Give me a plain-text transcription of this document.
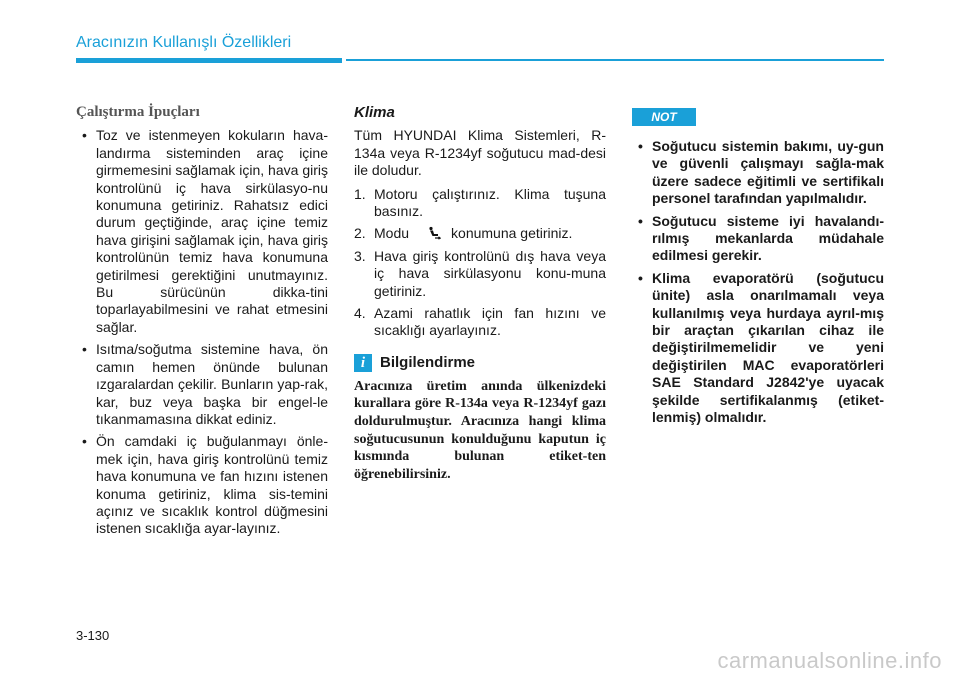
Aracınızın Kullanışlı Özellikleri
Çalıştırma İpuçları
• Toz ve istenmeyen kokuların hava-landırma sisteminden araç içine girmemesini sağlamak için, hava giriş kontrolünü iç hava sirkülasyo-nu konumuna getiriniz. Rahatsız edici durum geçtiğinde, araç içine temiz hava girişini sağlamak için, hava giriş kontrolünün temiz hava konumuna getirilmesi gerektiğini unutmayınız. Bu sürücünün dikka-tini toparlayabilmesini ve rahat etmesini sağlar.
• Isıtma/soğutma sistemine hava, ön camın hemen önünde bulunan ızgaralardan çekilir. Bunların yap-rak, kar, buz veya başka bir engel-le tıkanmamasına dikkat ediniz.
• Ön camdaki iç buğulanmayı önle-mek için, hava giriş kontrolünü temiz hava konumuna ve fan hızını istenen konuma getiriniz, klima sis-temini açınız ve sıcaklık kontrol düğmesini istenen sıcaklığa ayar-layınız.
Klima

Tüm HYUNDAI Klima Sistemleri, R-134a veya R-1234yf soğutucu mad-desi ile doludur.

1. Motoru çalıştırınız. Klima tuşuna basınız.
2. Modu	konumuna getiriniz.
3. Hava giriş kontrolünü dış hava veya iç hava sirkülasyonu konu-muna getiriniz.
4. Azami rahatlık için fan hızını ve sıcaklığı ayarlayınız.
i Bilgilendirme
Aracınıza üretim anında ülkenizdeki kurallara göre R-134a veya R-1234yf gazı doldurulmuştur. Aracınıza hangi klima soğutucusunun konulduğunu kaputun iç kısmında bulunan etiket-ten öğrenebilirsiniz.
NOT
• Soğutucu sistemin bakımı, uy-gun ve güvenli çalışmayı sağla-mak üzere sadece eğitimli ve sertifikalı personel tarafından yapılmalıdır.
• Soğutucu sisteme iyi havalandı-rılmış mekanlarda müdahale edilmesi gerekir.
• Klima evaporatörü (soğutucu ünite) asla onarılmamalı veya kullanılmış veya hurdaya ayrıl-mış bir araçtan çıkarılan cihaz ile değiştirilmemelidir ve yeni değiştirilen MAC evaporatörleri SAE Standard J2842'ye uyacak şekilde sertifikalanmış (etiket-lenmiş) olmalıdır.
3-130
carmanualsonline.info
